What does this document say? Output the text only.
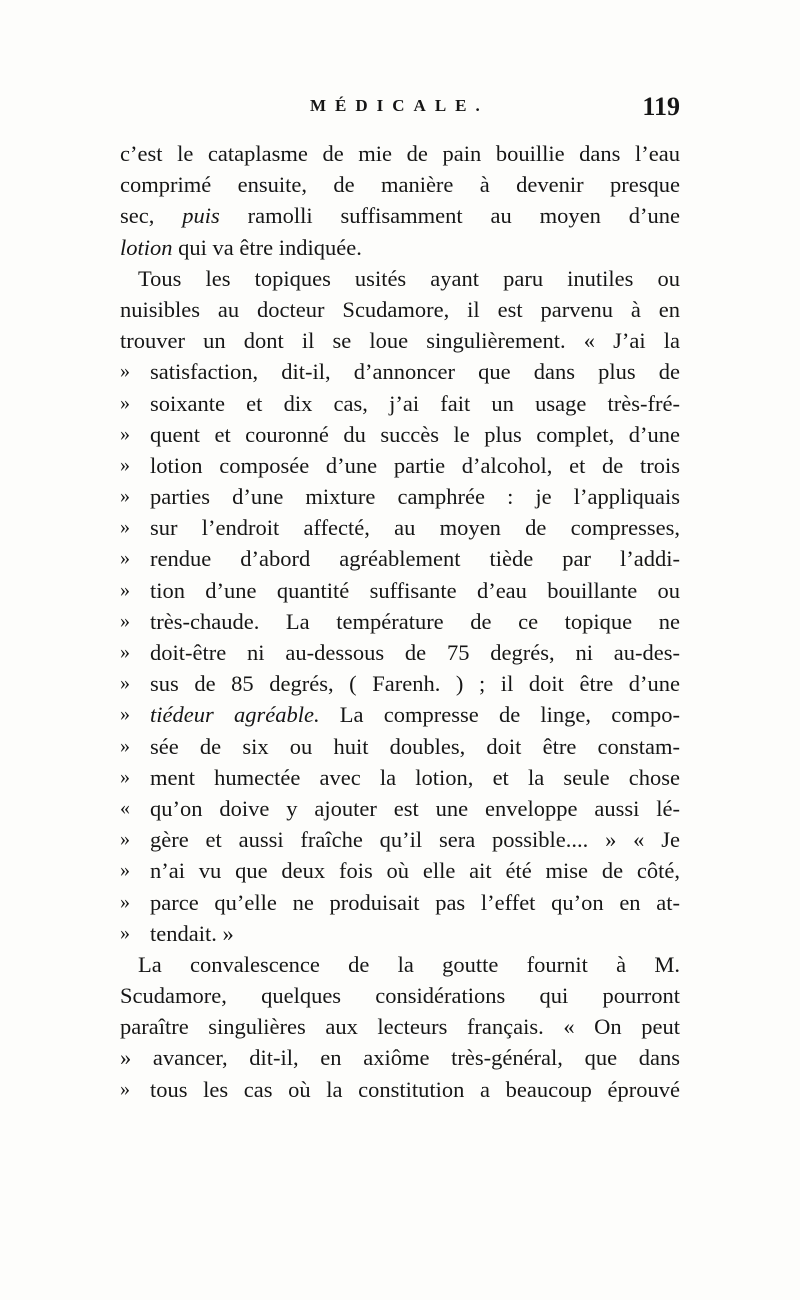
MÉDICALE.	119
c’est le cataplasme de mie de pain bouillie dans l’eau
comprimé ensuite, de manière à devenir presque
sec, puis ramolli suffisamment au moyen d’une
lotion qui va être indiquée.
Tous les topiques usités ayant paru inutiles ou
nuisibles au docteur Scudamore, il est parvenu à en
trouver un dont il se loue singulièrement. « J’ai la
» satisfaction, dit-il, d’annoncer que dans plus de
» soixante et dix cas, j’ai fait un usage très-fré-
» quent et couronné du succès le plus complet, d’une
» lotion composée d’une partie d’alcohol, et de trois
» parties d’une mixture camphrée : je l’appliquais
» sur l’endroit affecté, au moyen de compresses,
» rendue d’abord agréablement tiède par l’addi-
» tion d’une quantité suffisante d’eau bouillante ou
» très-chaude. La température de ce topique ne
» doit-être ni au-dessous de 75 degrés, ni au-des-
» sus de 85 degrés, ( Farenh. ) ; il doit être d’une
» tiédeur agréable. La compresse de linge, compo-
» sée de six ou huit doubles, doit être constam-
» ment humectée avec la lotion, et la seule chose
« qu’on doive y ajouter est une enveloppe aussi lé-
» gère et aussi fraîche qu’il sera possible.... » « Je
» n’ai vu que deux fois où elle ait été mise de côté,
» parce qu’elle ne produisait pas l’effet qu’on en at-
» tendait. »
La convalescence de la goutte fournit à M.
Scudamore, quelques considérations qui pourront
paraître singulières aux lecteurs français. « On peut
» avancer, dit-il, en axiôme très-général, que dans
» tous les cas où la constitution a beaucoup éprouvé
